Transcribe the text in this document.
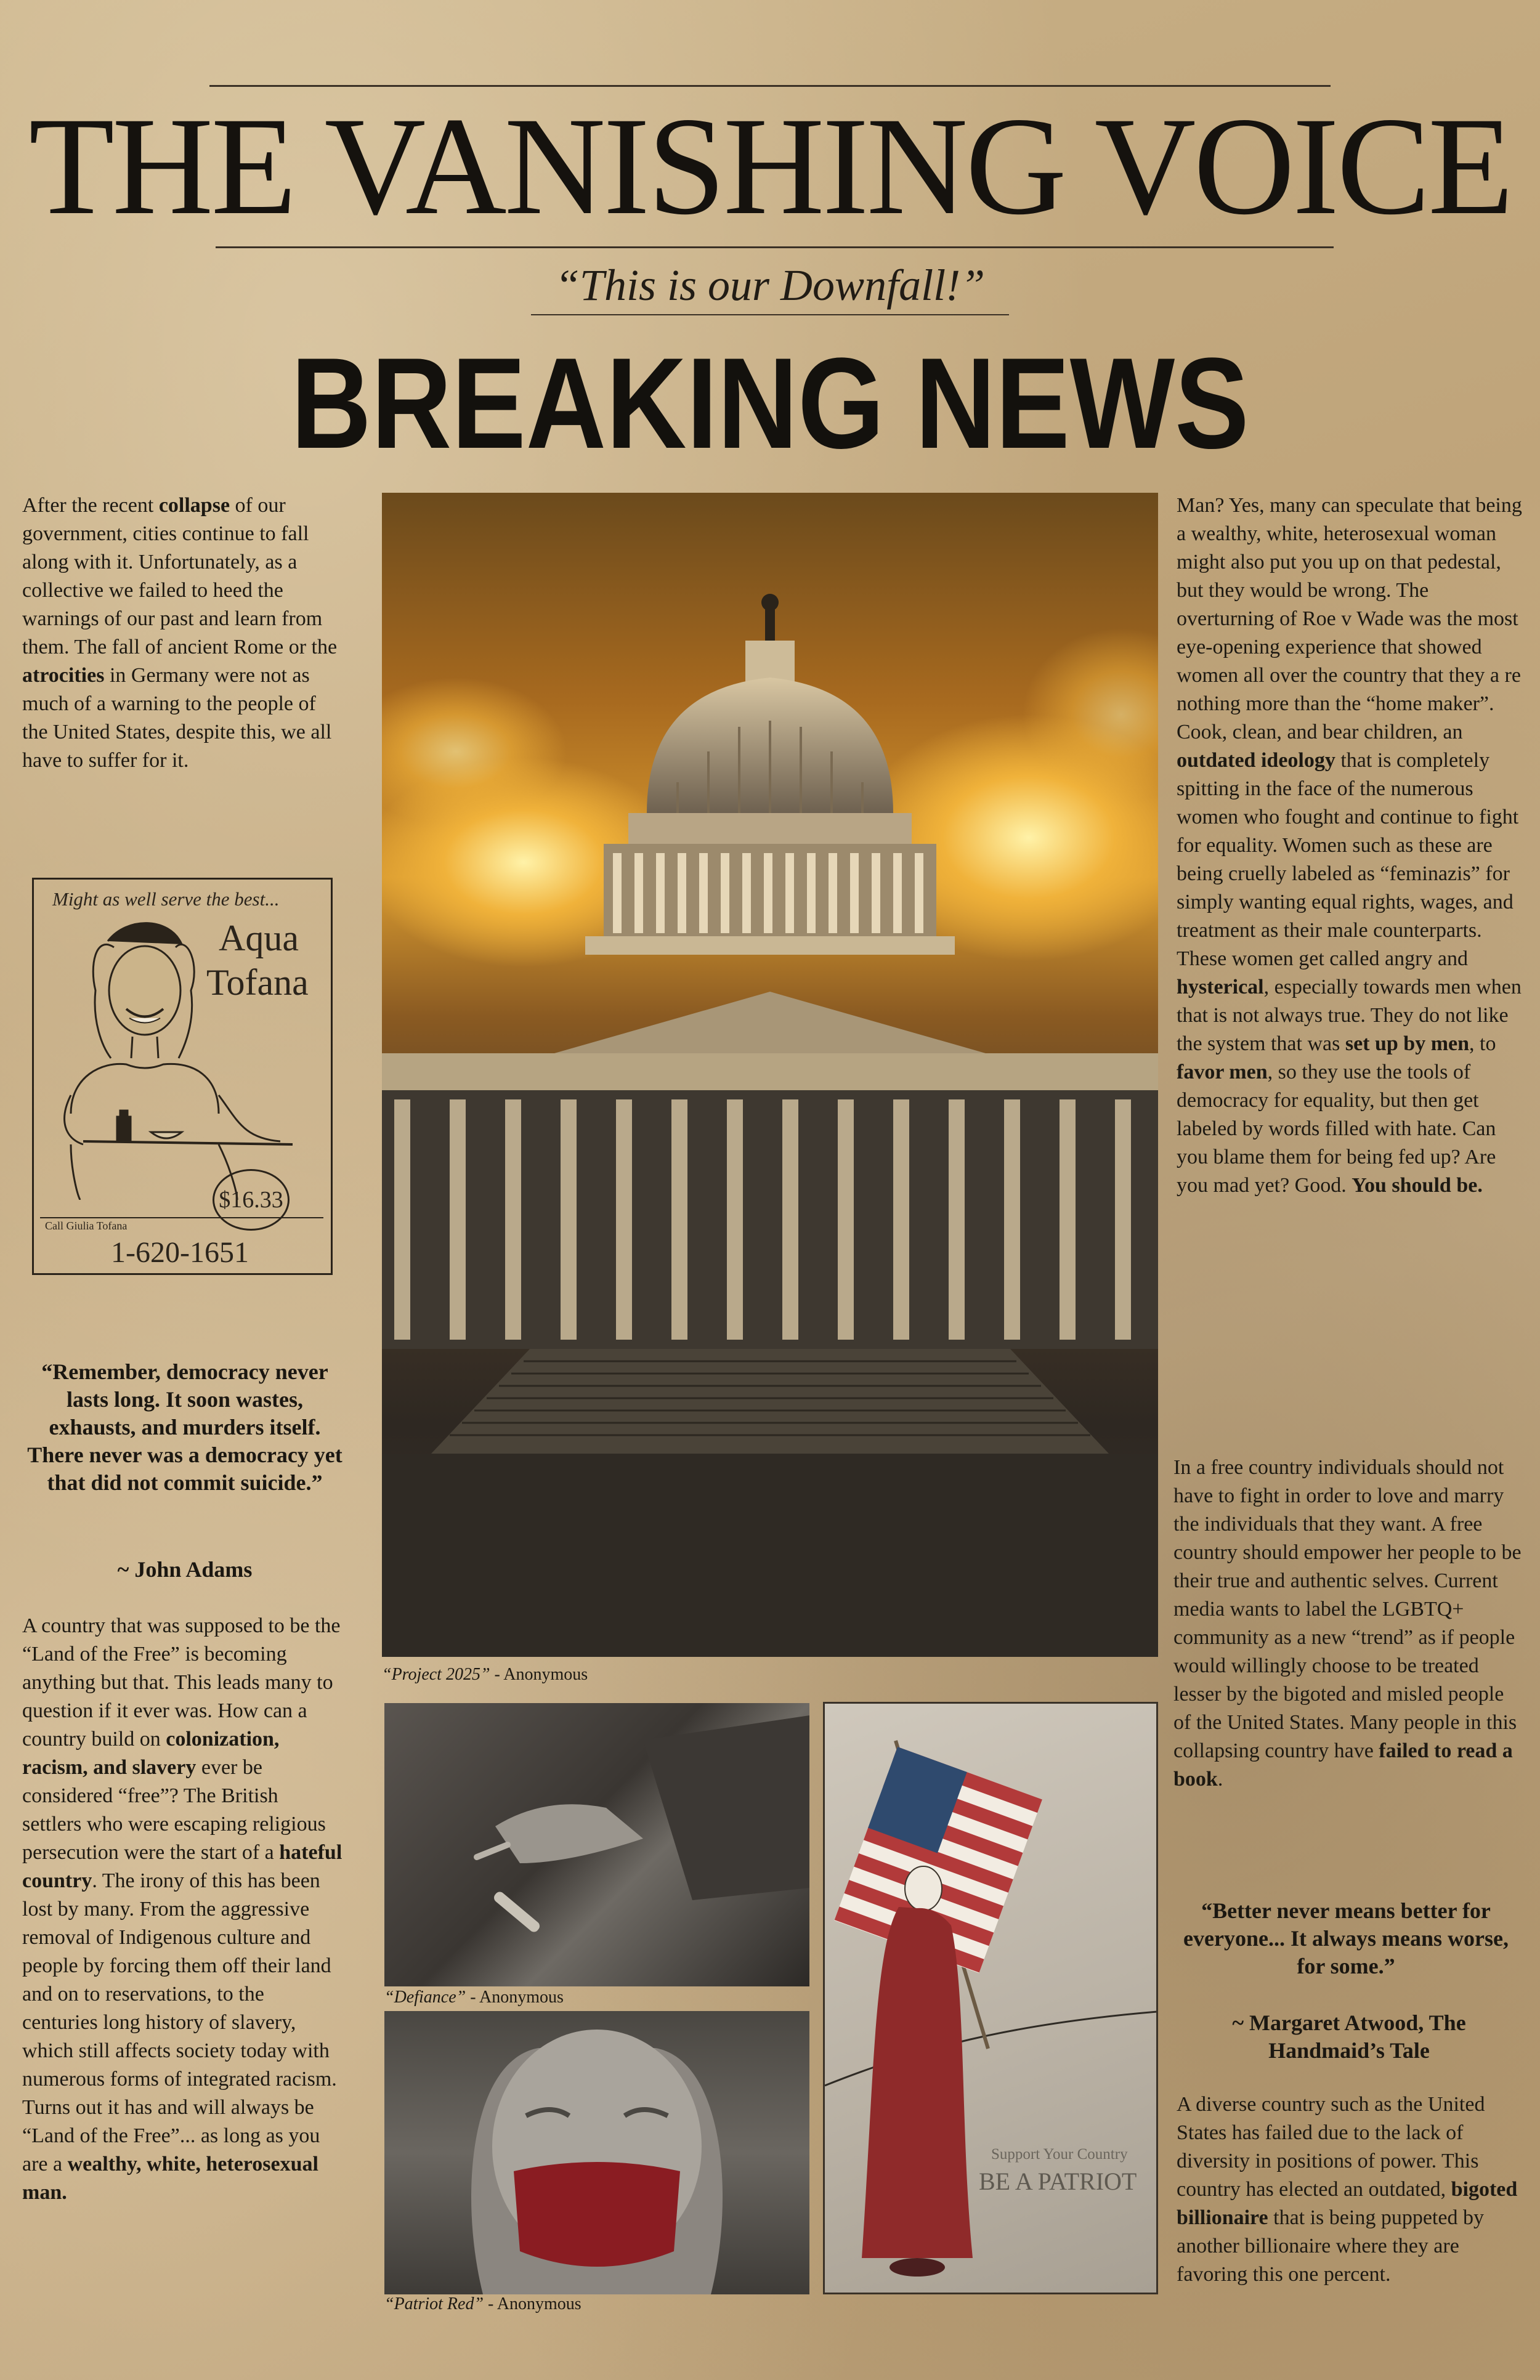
THE VANISHING VOICE
“This is our Downfall!”
BREAKING NEWS
After the recent collapse of our government, cities continue to fall along with it. Unfortunately, as a collective we failed to heed the warnings of our past and learn from them. The fall of ancient Rome or the atrocities in Germany were not as much of a warning to the people of the United States, despite this, we all have to suffer for it.
Might as well serve the best...
Aqua
Tofana
$16.33
Call Giulia Tofana
1-620-1651
“Remember, democracy never lasts long. It soon wastes, exhausts, and murders itself. There never was a democracy yet that did not commit suicide.”
~ John Adams
A country that was supposed to be the “Land of the Free” is becoming anything but that. This leads many to question if it ever was. How can a country build on colonization, racism, and slavery ever be considered “free”? The British settlers who were escaping religious persecution were the start of a hateful country. The irony of this has been lost by many. From the aggressive removal of Indigenous culture and people by forcing them off their land and on to reservations, to the centuries long history of slavery, which still affects society today with numerous forms of integrated racism. Turns out it has and will always be “Land of the Free”... as long as you are a wealthy, white, heterosexual man.
“Project 2025” - Anonymous
“Defiance” - Anonymous
“Patriot Red” - Anonymous
Support Your Country
BE A PATRIOT
Man? Yes, many can speculate that being a wealthy, white, heterosexual woman might also put you up on that pedestal, but they would be wrong. The overturning of Roe v Wade was the most eye-opening experience that showed women all over the country that they a re nothing more than the “home maker”. Cook, clean, and bear children, an outdated ideology that is completely spitting in the face of the numerous women who fought and continue to fight for equality. Women such as these are being cruelly labeled as “feminazis” for simply wanting equal rights, wages, and treatment as their male counterparts. These women get called angry and hysterical, especially towards men when that is not always true. They do not like the system that was set up by men, to favor men, so they use the tools of democracy for equality, but then get labeled by words filled with hate. Can you blame them for being fed up? Are you mad yet? Good. You should be.
In a free country individuals should not have to fight in order to love and marry the individuals that they want. A free country should empower her people to be their true and authentic selves. Current media wants to label the LGBTQ+ community as a new “trend” as if people would willingly choose to be treated lesser by the bigoted and misled people of the United States. Many people in this collapsing country have failed to read a book.
“Better never means better for everyone... It always means worse, for some.”
~ Margaret Atwood, The Handmaid’s Tale
A diverse country such as the United States has failed due to the lack of diversity in positions of power. This country has elected an outdated, bigoted billionaire that is being puppeted by another billionaire where they are favoring this one percent.
